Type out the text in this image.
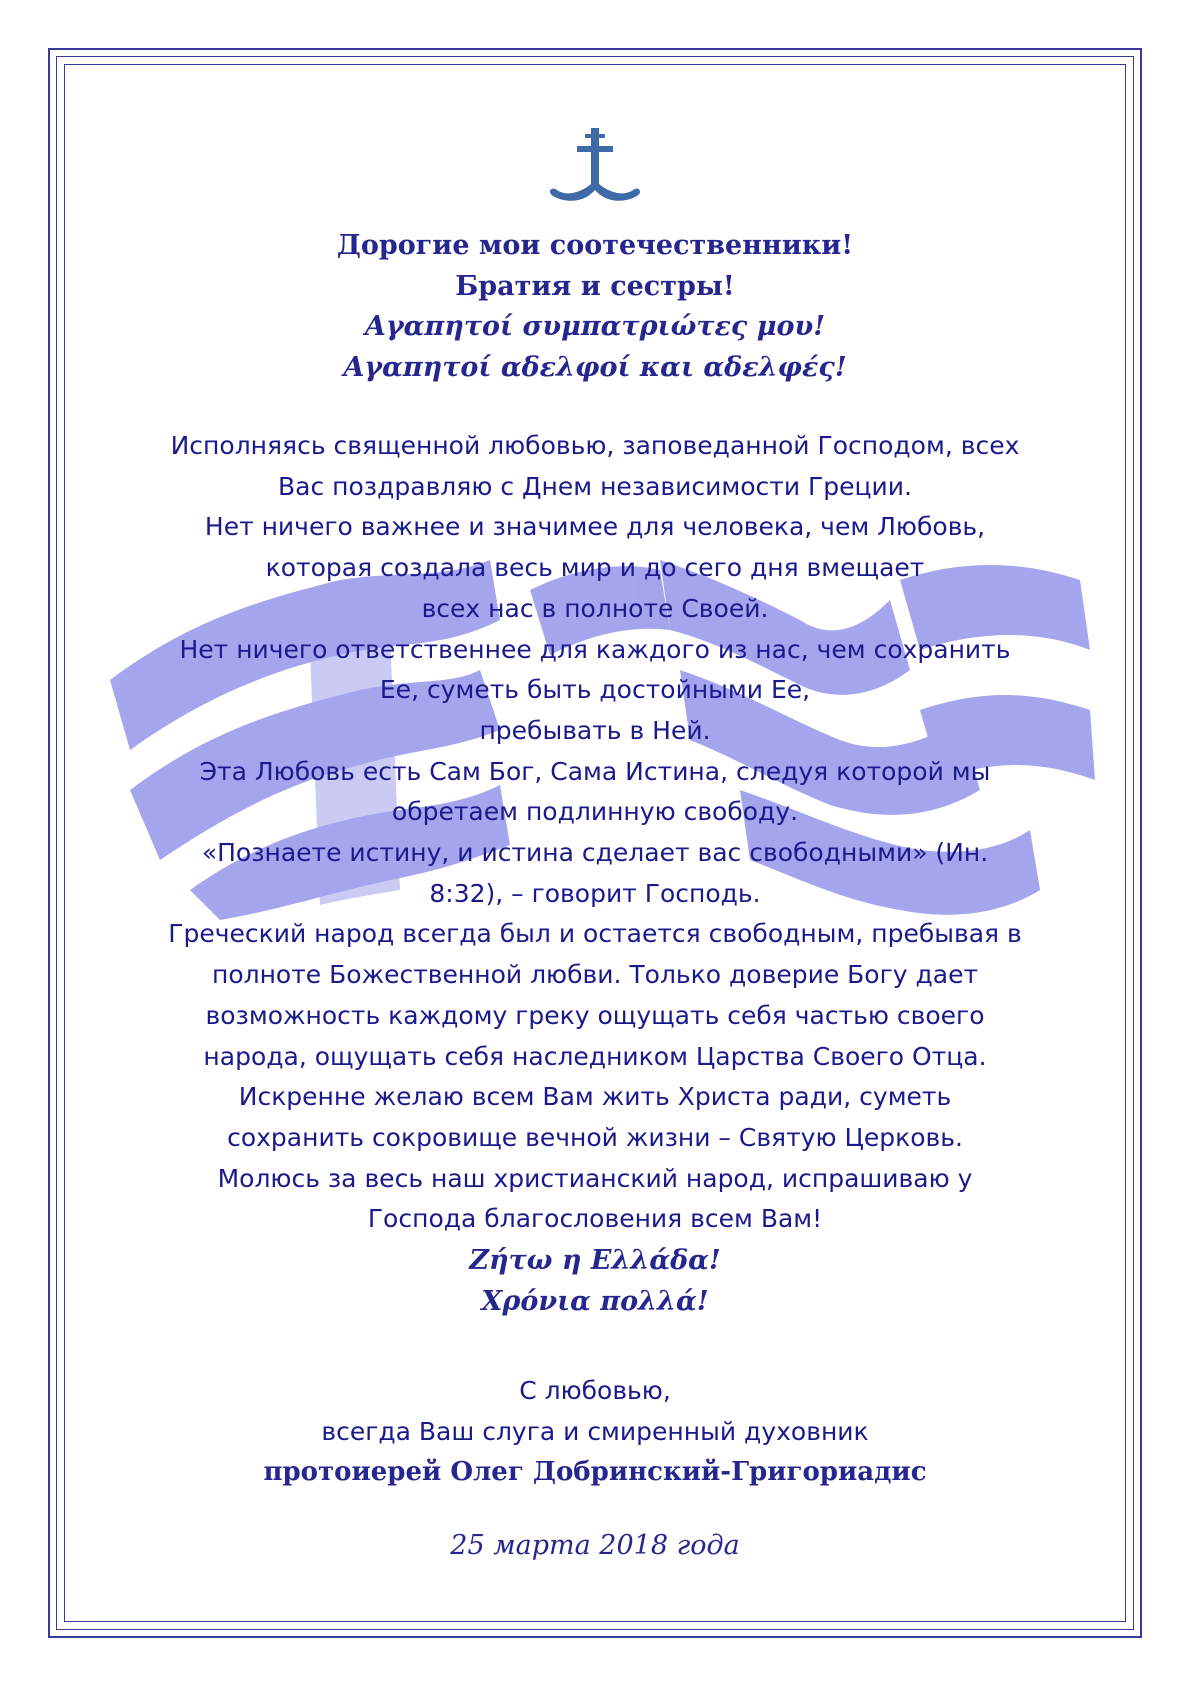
Дорогие мои соотечественники!
Братия и сестры!
Αγαπητοί συμπατριώτες μου!
Αγαπητοί αδελφοί και αδελφές!
Исполняясь священной любовью, заповеданной Господом, всех
Вас поздравляю с Днем независимости Греции.
Нет ничего важнее и значимее для человека, чем Любовь,
которая создала весь мир и до сего дня вмещает
всех нас в полноте Своей.
Нет ничего ответственнее для каждого из нас, чем сохранить
Ее, суметь быть достойными Ее,
пребывать в Ней.
Эта Любовь есть Сам Бог, Сама Истина, следуя которой мы
обретаем подлинную свободу.
«Познаете истину, и истина сделает вас свободными» (Ин.
8:32), – говорит Господь.
Греческий народ всегда был и остается свободным, пребывая в
полноте Божественной любви. Только доверие Богу дает
возможность каждому греку ощущать себя частью своего
народа, ощущать себя наследником Царства Своего Отца.
Искренне желаю всем Вам жить Христа ради, суметь
сохранить сокровище вечной жизни – Святую Церковь.
Молюсь за весь наш христианский народ, испрашиваю у
Господа благословения всем Вам!
Ζήτω η Ελλάδα!
Χρόνια πολλά!
С любовью,
всегда Ваш слуга и смиренный духовник
протоиерей Олег Добринский-Григориадис
25 марта 2018 года
